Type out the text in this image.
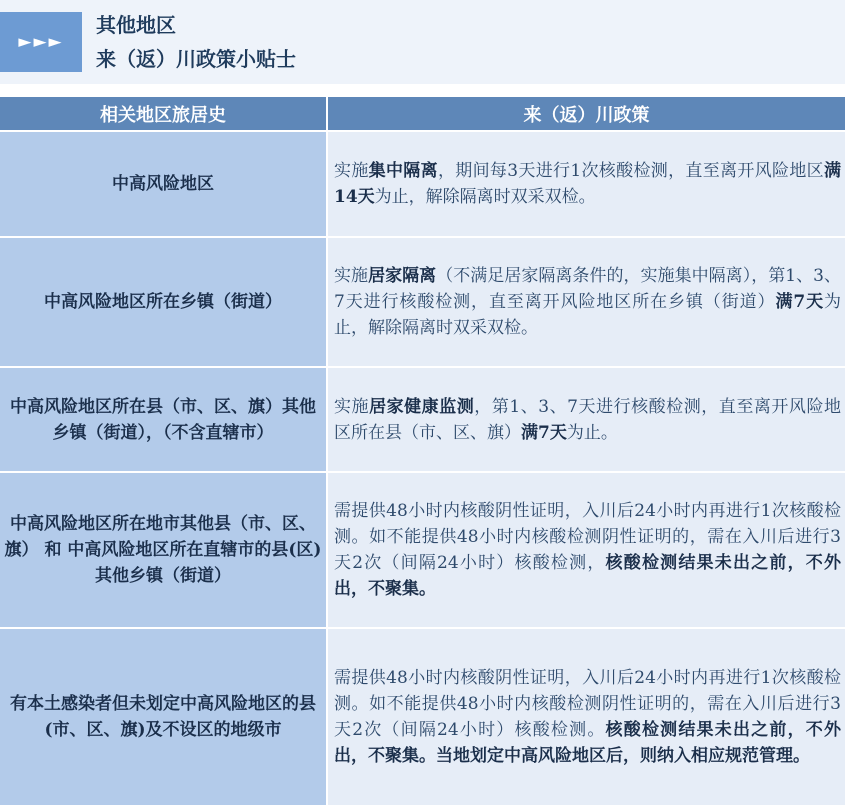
►►►
其他地区
来（返）川政策小贴士
相关地区旅居史	来（返）川政策
中高风险地区	实施集中隔离，期间每3天进行1次核酸检测，直至离开风险地区满14天为止，解除隔离时双采双检。
中高风险地区所在乡镇（街道）	实施居家隔离（不满足居家隔离条件的，实施集中隔离），第1、3、7天进行核酸检测，直至离开风险地区所在乡镇（街道）满7天为止，解除隔离时双采双检。
中高风险地区所在县（市、区、旗）其他乡镇（街道），（不含直辖市）	实施居家健康监测，第1、3、7天进行核酸检测，直至离开风险地区所在县（市、区、旗）满7天为止。
中高风险地区所在地市其他县（市、区、旗） 和 中高风险地区所在直辖市的县(区)其他乡镇（街道）	需提供48小时内核酸阴性证明，入川后24小时内再进行1次核酸检测。如不能提供48小时内核酸检测阴性证明的，需在入川后进行3天2次（间隔24小时）核酸检测，核酸检测结果未出之前，不外出，不聚集。
有本土感染者但未划定中高风险地区的县(市、区、旗)及不设区的地级市	需提供48小时内核酸阴性证明，入川后24小时内再进行1次核酸检测。如不能提供48小时内核酸检测阴性证明的，需在入川后进行3天2次（间隔24小时）核酸检测。核酸检测结果未出之前，不外出，不聚集。当地划定中高风险地区后，则纳入相应规范管理。
